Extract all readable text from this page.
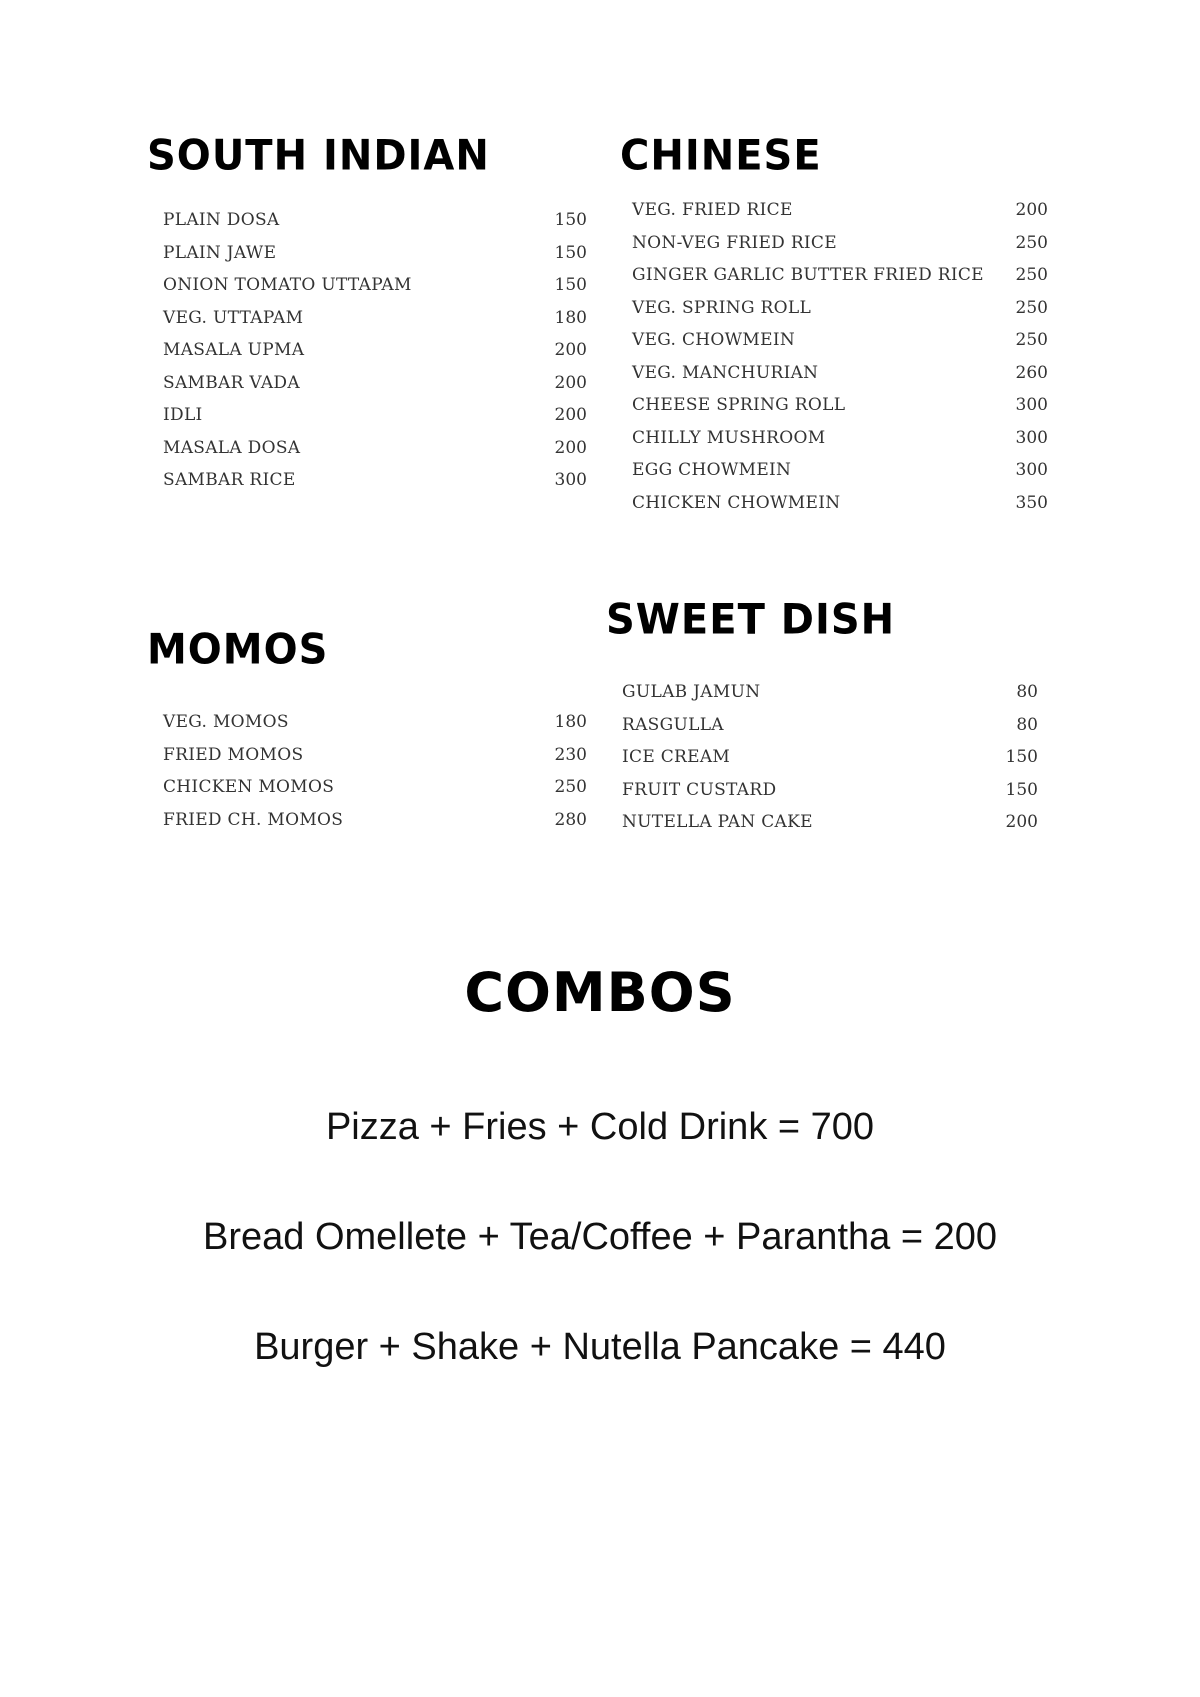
SOUTH INDIAN
PLAIN DOSA	150
PLAIN JAWE	150
ONION TOMATO UTTAPAM	150
VEG. UTTAPAM	180
MASALA UPMA	200
SAMBAR VADA	200
IDLI	200
MASALA DOSA	200
SAMBAR RICE	300
CHINESE
VEG. FRIED RICE	200
NON-VEG FRIED RICE	250
GINGER GARLIC BUTTER FRIED RICE 250
VEG. SPRING ROLL	250
VEG. CHOWMEIN	250
VEG. MANCHURIAN	260
CHEESE SPRING ROLL	300
CHILLY MUSHROOM	300
EGG CHOWMEIN	300
CHICKEN CHOWMEIN	350
MOMOS
VEG. MOMOS	180
FRIED MOMOS	230
CHICKEN MOMOS	250
FRIED CH. MOMOS	280
SWEET DISH
GULAB JAMUN	80
RASGULLA	80
ICE CREAM	150
FRUIT CUSTARD	150
NUTELLA PAN CAKE	200
COMBOS
Pizza + Fries + Cold Drink = 700
Bread Omellete + Tea/Coffee + Parantha = 200
Burger + Shake + Nutella Pancake = 440
